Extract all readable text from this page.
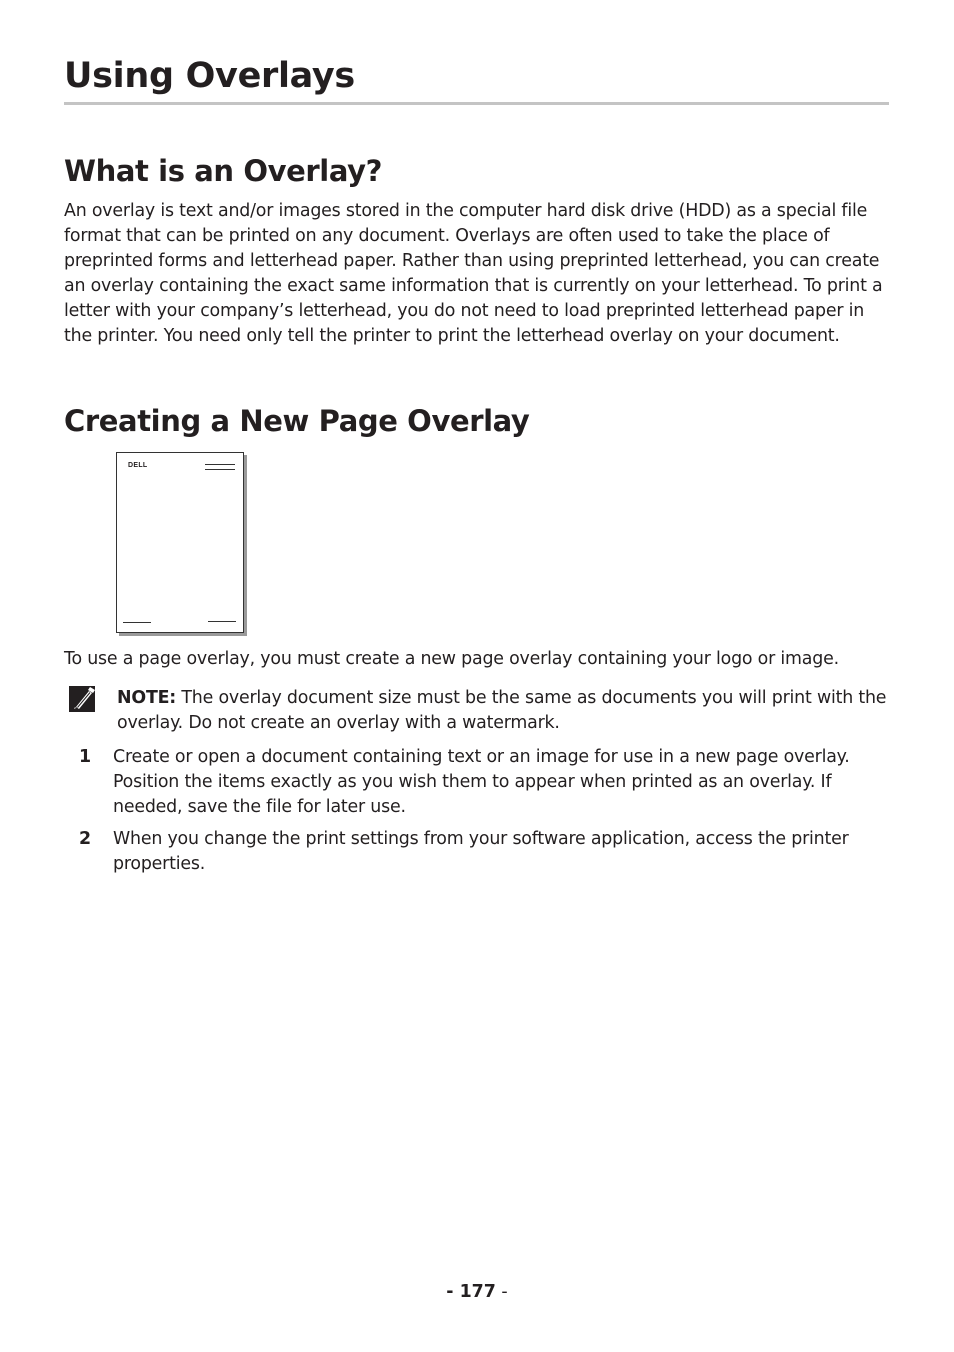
Using Overlays
What is an Overlay?

An overlay is text and/or images stored in the computer hard disk drive (HDD) as a special file format that can be printed on any document. Overlays are often used to take the place of preprinted forms and letterhead paper. Rather than using preprinted letterhead, you can create an overlay containing the exact same information that is currently on your letterhead. To print a letter with your company’s letterhead, you do not need to load preprinted letterhead paper in the printer. You need only tell the printer to print the letterhead overlay on your document.

Creating a New Page Overlay
DELL

To use a page overlay, you must create a new page overlay containing your logo or image.

NOTE: The overlay document size must be the same as documents you will print with the overlay. Do not create an overlay with a watermark.

1 Create or open a document containing text or an image for use in a new page overlay. Position the items exactly as you wish them to appear when printed as an overlay. If needed, save the file for later use.

2 When you change the print settings from your software application, access the printer properties.

- 177 -
